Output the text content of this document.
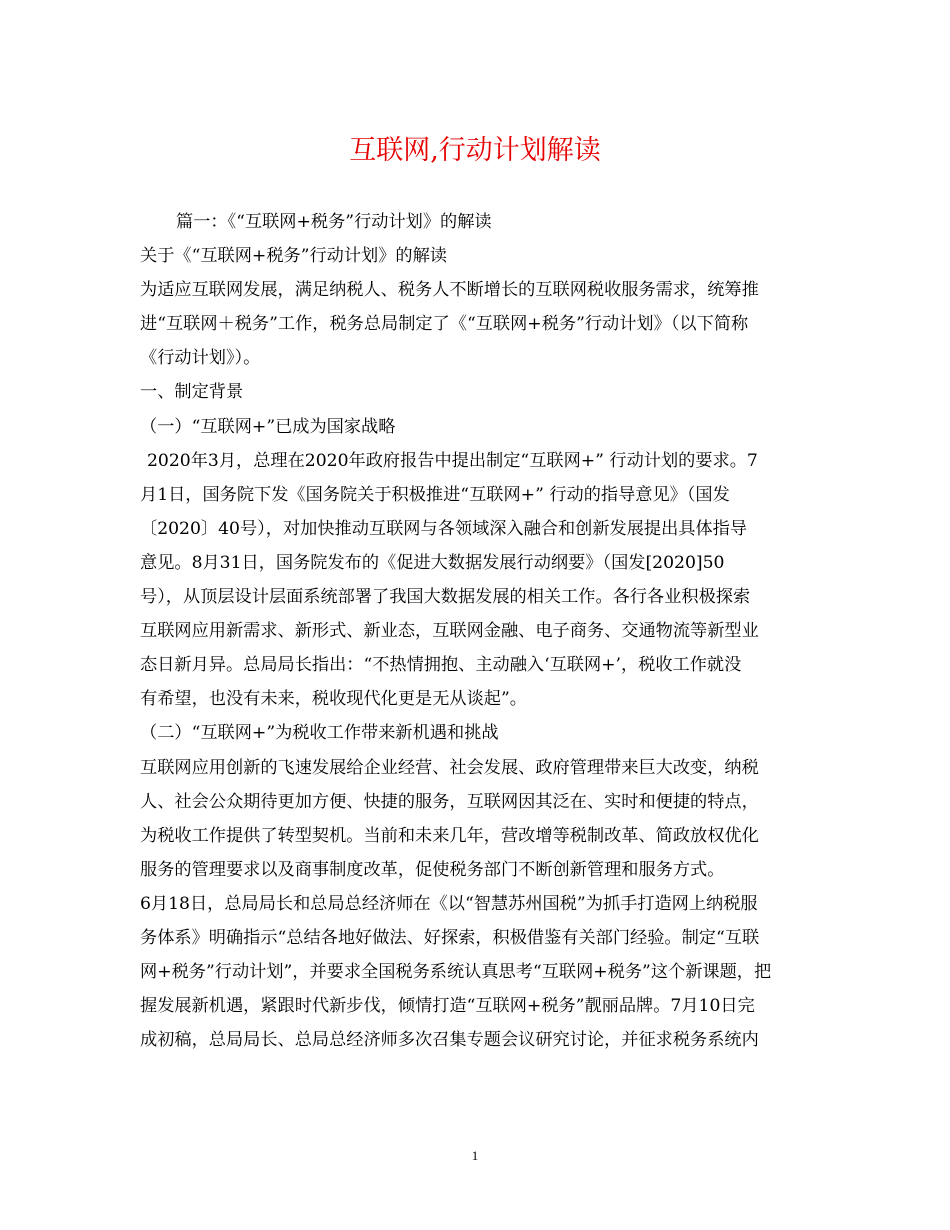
互联网,行动计划解读
篇一：《“互联网+税务”行动计划》的解读
关于《“互联网+税务”行动计划》的解读
为适应互联网发展，满足纳税人、税务人不断增长的互联网税收服务需求，统筹推
进“互联网＋税务”工作，税务总局制定了《“互联网+税务”行动计划》（以下简称
《行动计划》）。
一、制定背景
（一）“互联网+”已成为国家战略
2020年3月，总理在2020年政府报告中提出制定“互联网+” 行动计划的要求。7
月1日，国务院下发《国务院关于积极推进“互联网+” 行动的指导意见》（国发
〔2020〕40号），对加快推动互联网与各领域深入融合和创新发展提出具体指导
意见。8月31日，国务院发布的《促进大数据发展行动纲要》（国发[2020]50
号），从顶层设计层面系统部署了我国大数据发展的相关工作。各行各业积极探索
互联网应用新需求、新形式、新业态，互联网金融、电子商务、交通物流等新型业
态日新月异。总局局长指出：“不热情拥抱、主动融入‘互联网+’，税收工作就没
有希望，也没有未来，税收现代化更是无从谈起”。
（二）“互联网+”为税收工作带来新机遇和挑战
互联网应用创新的飞速发展给企业经营、社会发展、政府管理带来巨大改变，纳税
人、社会公众期待更加方便、快捷的服务，互联网因其泛在、实时和便捷的特点，
为税收工作提供了转型契机。当前和未来几年，营改增等税制改革、简政放权优化
服务的管理要求以及商事制度改革，促使税务部门不断创新管理和服务方式。
6月18日，总局局长和总局总经济师在《以“智慧苏州国税”为抓手打造网上纳税服
务体系》明确指示“总结各地好做法、好探索，积极借鉴有关部门经验。制定“互联
网+税务”行动计划”，并要求全国税务系统认真思考“互联网+税务”这个新课题，把
握发展新机遇，紧跟时代新步伐，倾情打造“互联网+税务”靓丽品牌。7月10日完
成初稿，总局局长、总局总经济师多次召集专题会议研究讨论，并征求税务系统内
1
